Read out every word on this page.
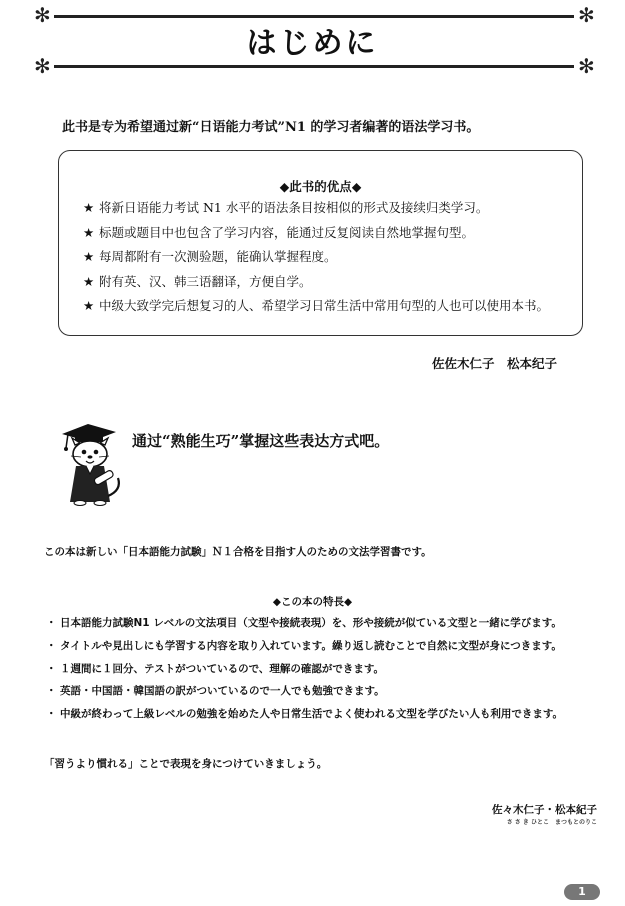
✻	✻
✻	✻
はじめに
此书是专为希望通过新“日语能力考试”N1 的学习者编著的语法学习书。
◆此书的优点◆
★ 将新日语能力考试 N1 水平的语法条目按相似的形式及接续归类学习。
★ 标题或题目中也包含了学习内容，能通过反复阅读自然地掌握句型。
★ 每周都附有一次测验题，能确认掌握程度。
★ 附有英、汉、韩三语翻译，方便自学。
★ 中级大致学完后想复习的人、希望学习日常生活中常用句型的人也可以使用本书。
佐佐木仁子　松本纪子
通过“熟能生巧”掌握这些表达方式吧。
この本は新しい「日本語能力試験」Ｎ１合格を目指す人のための文法学習書です。
◆この本の特長◆
・ 日本語能力試験N1 レベルの文法項目（文型や接続表現）を、形や接続が似ている文型と一緒に学びます。
・ タイトルや見出しにも学習する内容を取り入れています。繰り返し読むことで自然に文型が身につきます。
・ １週間に１回分、テストがついているので、理解の確認ができます。
・ 英語・中国語・韓国語の訳がついているので一人でも勉強できます。
・ 中級が終わって上級レベルの勉強を始めた人や日常生活でよく使われる文型を学びたい人も利用できます。
「習うより慣れる」ことで表現を身につけていきましょう。
佐々木仁子・松本紀子
さ さ き ひとこ　まつもとのりこ
1
